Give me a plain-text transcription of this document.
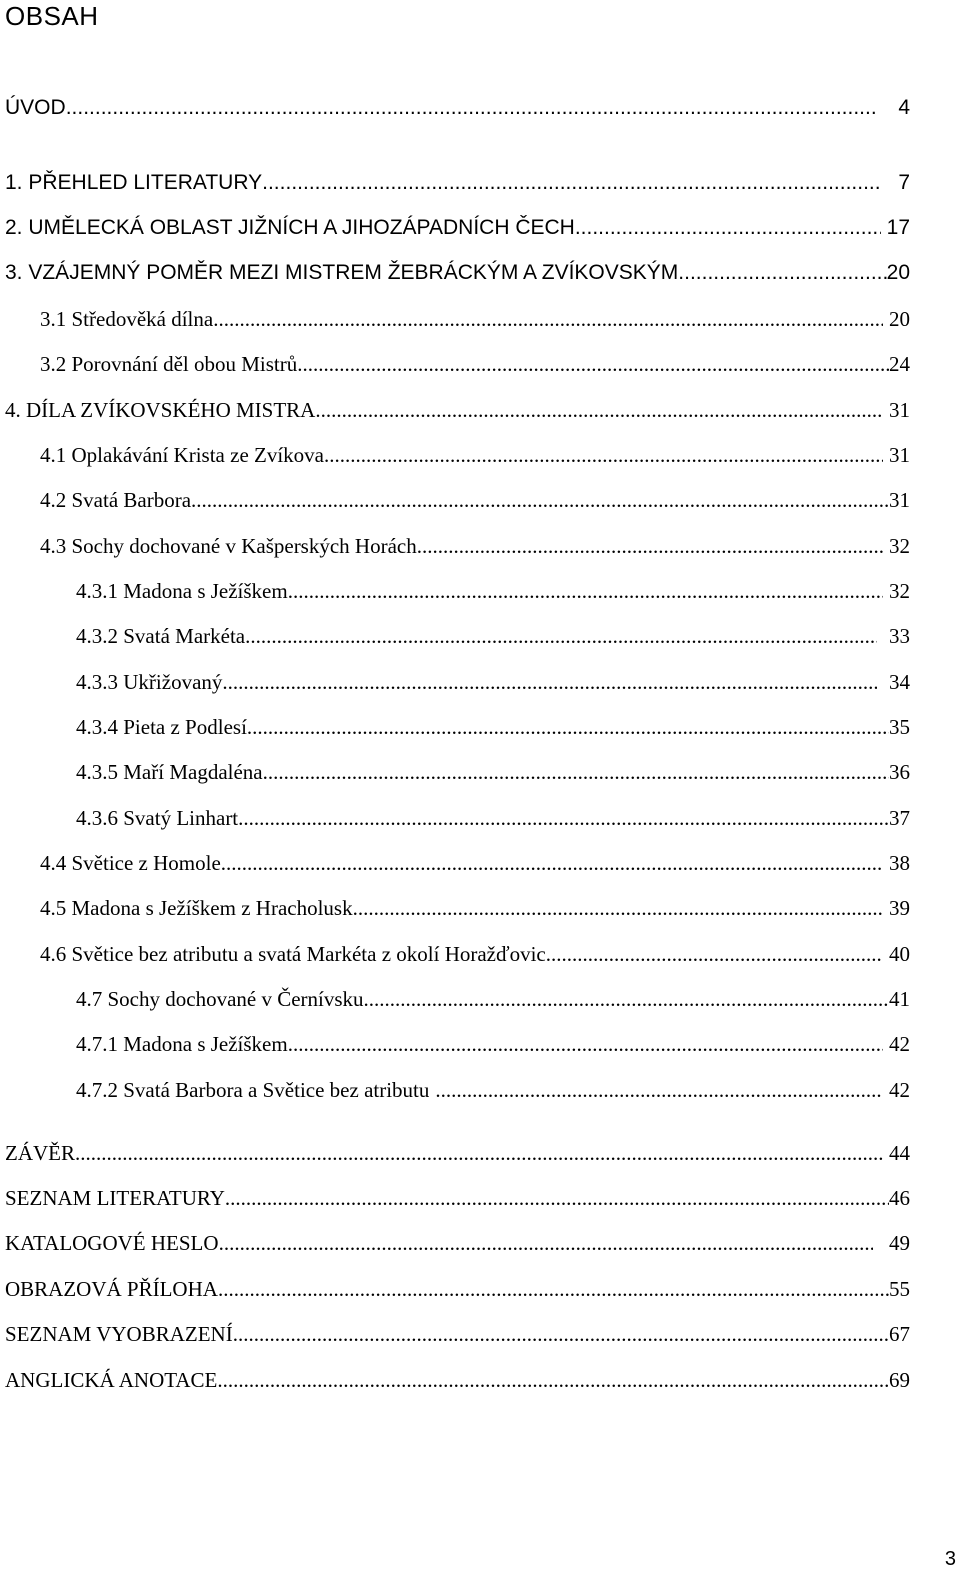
OBSAH
ÚVOD .....	4
1. PŘEHLED LITERATURY .....	7
2. UMĚLECKÁ OBLAST JIŽNÍCH A JIHOZÁPADNÍCH ČECH .....	17
3. VZÁJEMNÝ POMĚR MEZI MISTREM ŽEBRÁCKÝM A ZVÍKOVSKÝM .....	20
3.1 Středověká dílna .....	20
3.2 Porovnání děl obou Mistrů .....	24
4. DÍLA ZVÍKOVSKÉHO MISTRA .....	31
4.1 Oplakávání Krista ze Zvíkova .....	31
4.2 Svatá Barbora .....	31
4.3 Sochy dochované v Kašperských Horách .....	32
4.3.1 Madona s Ježíškem .....	32
4.3.2 Svatá Markéta .....	33
4.3.3 Ukřižovaný .....	34
4.3.4 Pieta z Podlesí .....	35
4.3.5 Maří Magdaléna .....	36
4.3.6 Svatý Linhart .....	37
4.4 Světice z Homole .....	38
4.5 Madona s Ježíškem z Hracholusk .....	39
4.6 Světice bez atributu a svatá Markéta z okolí Horažďovic .....	40
4.7 Sochy dochované v Černívsku .....	41
4.7.1 Madona s Ježíškem .....	42
4.7.2 Svatá Barbora a Světice bez atributu .....	42
ZÁVĚR .....	44
SEZNAM LITERATURY .....	46
KATALOGOVÉ HESLO .....	49
OBRAZOVÁ PŘÍLOHA .....	55
SEZNAM VYOBRAZENÍ .....	67
ANGLICKÁ ANOTACE .....	69
3
